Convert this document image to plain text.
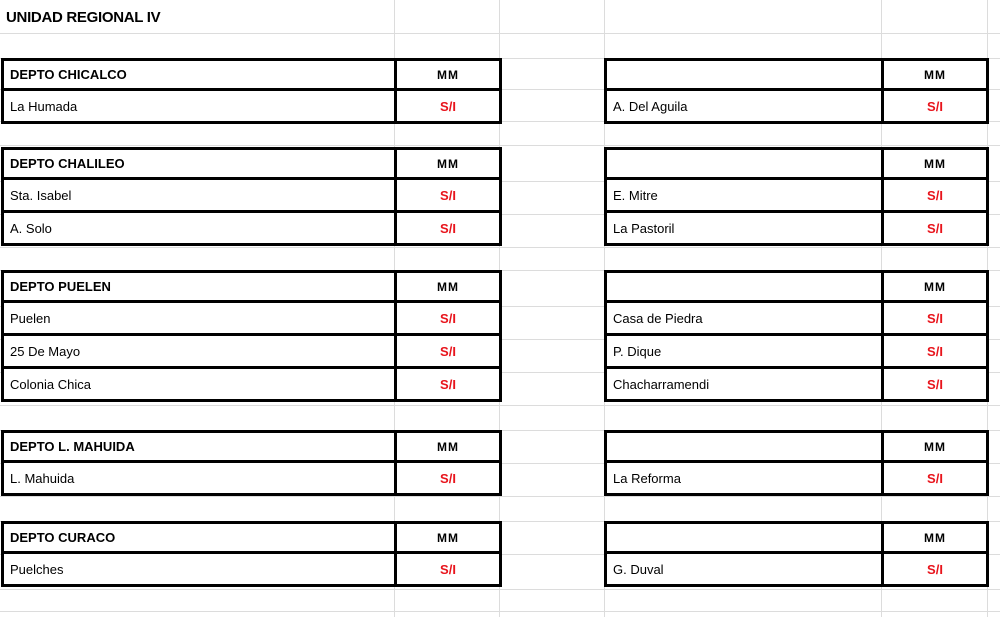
UNIDAD REGIONAL IV
DEPTO CHICALCO	MM
La Humada	S/I
	MM
A. Del Aguila	S/I
DEPTO CHALILEO	MM
Sta. Isabel	S/I
A. Solo	S/I
	MM
E. Mitre	S/I
La Pastoril	S/I
DEPTO PUELEN	MM
Puelen	S/I
25 De Mayo	S/I
Colonia Chica	S/I
	MM
Casa de Piedra	S/I
P. Dique	S/I
Chacharramendi	S/I
DEPTO L. MAHUIDA	MM
L. Mahuida	S/I
	MM
La Reforma	S/I
DEPTO CURACO	MM
Puelches	S/I
	MM
G. Duval	S/I
